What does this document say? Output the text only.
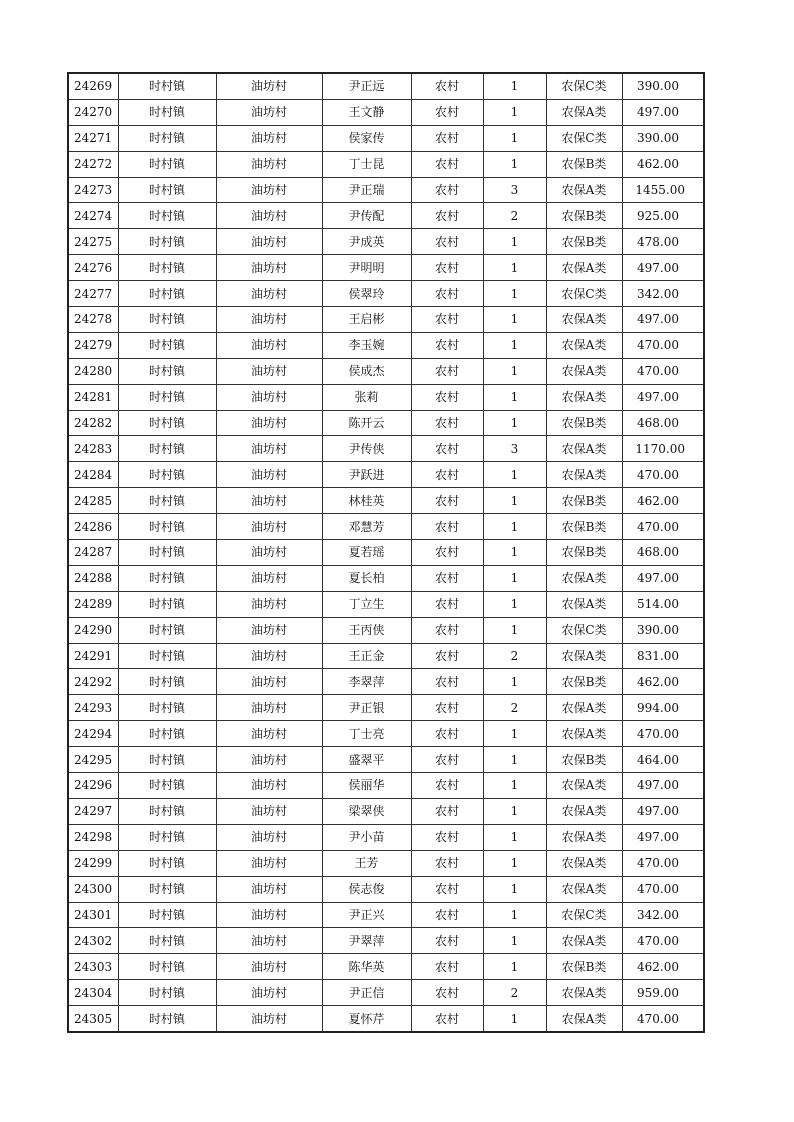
24269	时村镇	油坊村	尹正远	农村	1	农保C类	390.00
24270	时村镇	油坊村	王文静	农村	1	农保A类	497.00
24271	时村镇	油坊村	侯家传	农村	1	农保C类	390.00
24272	时村镇	油坊村	丁士昆	农村	1	农保B类	462.00
24273	时村镇	油坊村	尹正瑞	农村	3	农保A类	1455.00
24274	时村镇	油坊村	尹传配	农村	2	农保B类	925.00
24275	时村镇	油坊村	尹成英	农村	1	农保B类	478.00
24276	时村镇	油坊村	尹明明	农村	1	农保A类	497.00
24277	时村镇	油坊村	侯翠玲	农村	1	农保C类	342.00
24278	时村镇	油坊村	王启彬	农村	1	农保A类	497.00
24279	时村镇	油坊村	李玉婉	农村	1	农保A类	470.00
24280	时村镇	油坊村	侯成杰	农村	1	农保A类	470.00
24281	时村镇	油坊村	张莉	农村	1	农保A类	497.00
24282	时村镇	油坊村	陈开云	农村	1	农保B类	468.00
24283	时村镇	油坊村	尹传侠	农村	3	农保A类	1170.00
24284	时村镇	油坊村	尹跃进	农村	1	农保A类	470.00
24285	时村镇	油坊村	林桂英	农村	1	农保B类	462.00
24286	时村镇	油坊村	邓慧芳	农村	1	农保B类	470.00
24287	时村镇	油坊村	夏若瑶	农村	1	农保B类	468.00
24288	时村镇	油坊村	夏长柏	农村	1	农保A类	497.00
24289	时村镇	油坊村	丁立生	农村	1	农保A类	514.00
24290	时村镇	油坊村	王丙侠	农村	1	农保C类	390.00
24291	时村镇	油坊村	王正金	农村	2	农保A类	831.00
24292	时村镇	油坊村	李翠萍	农村	1	农保B类	462.00
24293	时村镇	油坊村	尹正银	农村	2	农保A类	994.00
24294	时村镇	油坊村	丁士亮	农村	1	农保A类	470.00
24295	时村镇	油坊村	盛翠平	农村	1	农保B类	464.00
24296	时村镇	油坊村	侯丽华	农村	1	农保A类	497.00
24297	时村镇	油坊村	梁翠侠	农村	1	农保A类	497.00
24298	时村镇	油坊村	尹小苗	农村	1	农保A类	497.00
24299	时村镇	油坊村	王芳	农村	1	农保A类	470.00
24300	时村镇	油坊村	侯志俊	农村	1	农保A类	470.00
24301	时村镇	油坊村	尹正兴	农村	1	农保C类	342.00
24302	时村镇	油坊村	尹翠萍	农村	1	农保A类	470.00
24303	时村镇	油坊村	陈华英	农村	1	农保B类	462.00
24304	时村镇	油坊村	尹正信	农村	2	农保A类	959.00
24305	时村镇	油坊村	夏怀芹	农村	1	农保A类	470.00
